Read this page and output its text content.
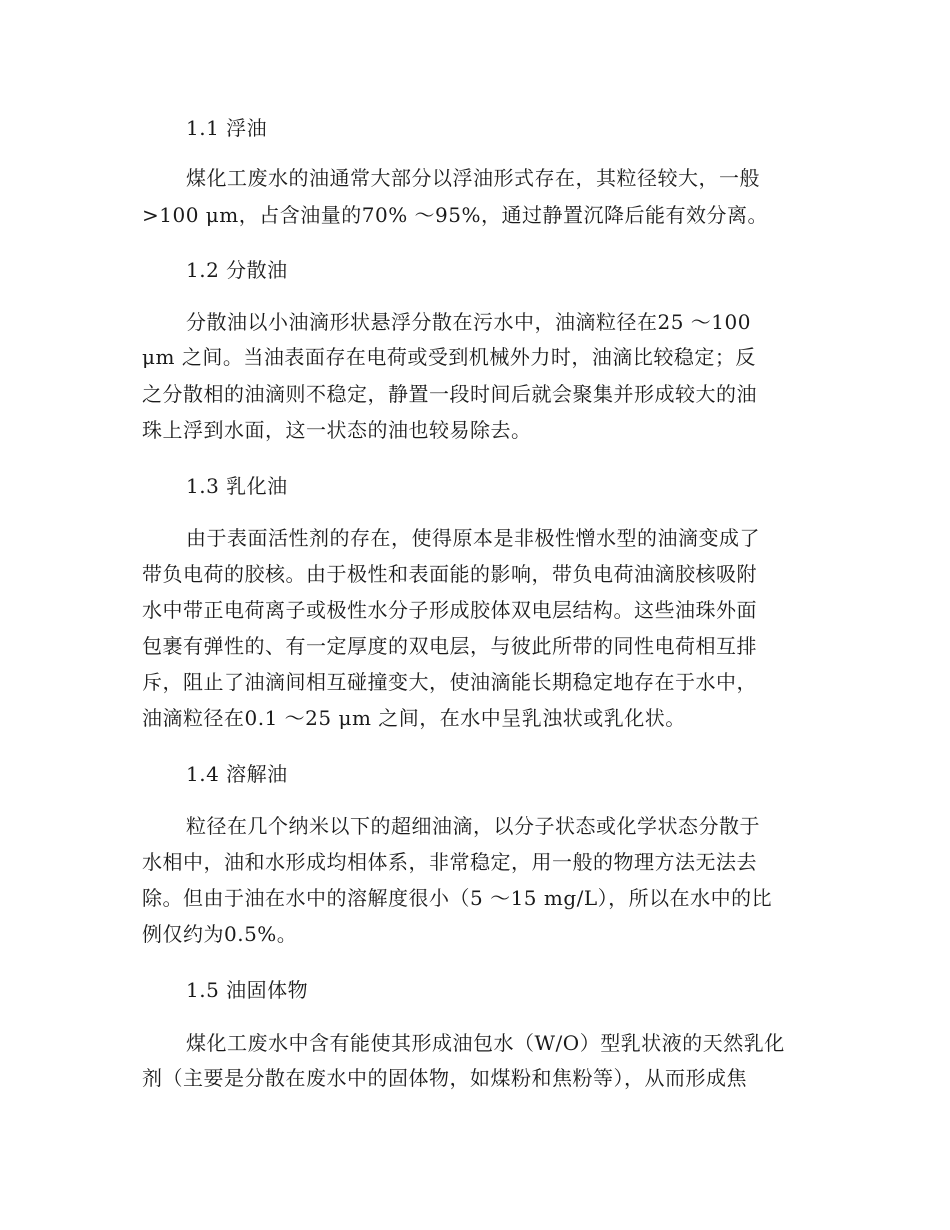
1.1 浮油
煤化工废水的油通常大部分以浮油形式存在，其粒径较大，一般
>100 μm，占含油量的70% ～95%，通过静置沉降后能有效分离。
1.2 分散油
分散油以小油滴形状悬浮分散在污水中，油滴粒径在25 ～100
μm 之间。当油表面存在电荷或受到机械外力时，油滴比较稳定；反
之分散相的油滴则不稳定，静置一段时间后就会聚集并形成较大的油
珠上浮到水面，这一状态的油也较易除去。
1.3 乳化油
由于表面活性剂的存在，使得原本是非极性憎水型的油滴变成了
带负电荷的胶核。由于极性和表面能的影响，带负电荷油滴胶核吸附
水中带正电荷离子或极性水分子形成胶体双电层结构。这些油珠外面
包裹有弹性的、有一定厚度的双电层，与彼此所带的同性电荷相互排
斥，阻止了油滴间相互碰撞变大，使油滴能长期稳定地存在于水中，
油滴粒径在0.1 ～25 μm 之间，在水中呈乳浊状或乳化状。
1.4 溶解油
粒径在几个纳米以下的超细油滴，以分子状态或化学状态分散于
水相中，油和水形成均相体系，非常稳定，用一般的物理方法无法去
除。但由于油在水中的溶解度很小（5 ～15 mg/L），所以在水中的比
例仅约为0.5%。
1.5 油固体物
煤化工废水中含有能使其形成油包水（W/O）型乳状液的天然乳化
剂（主要是分散在废水中的固体物，如煤粉和焦粉等），从而形成焦
